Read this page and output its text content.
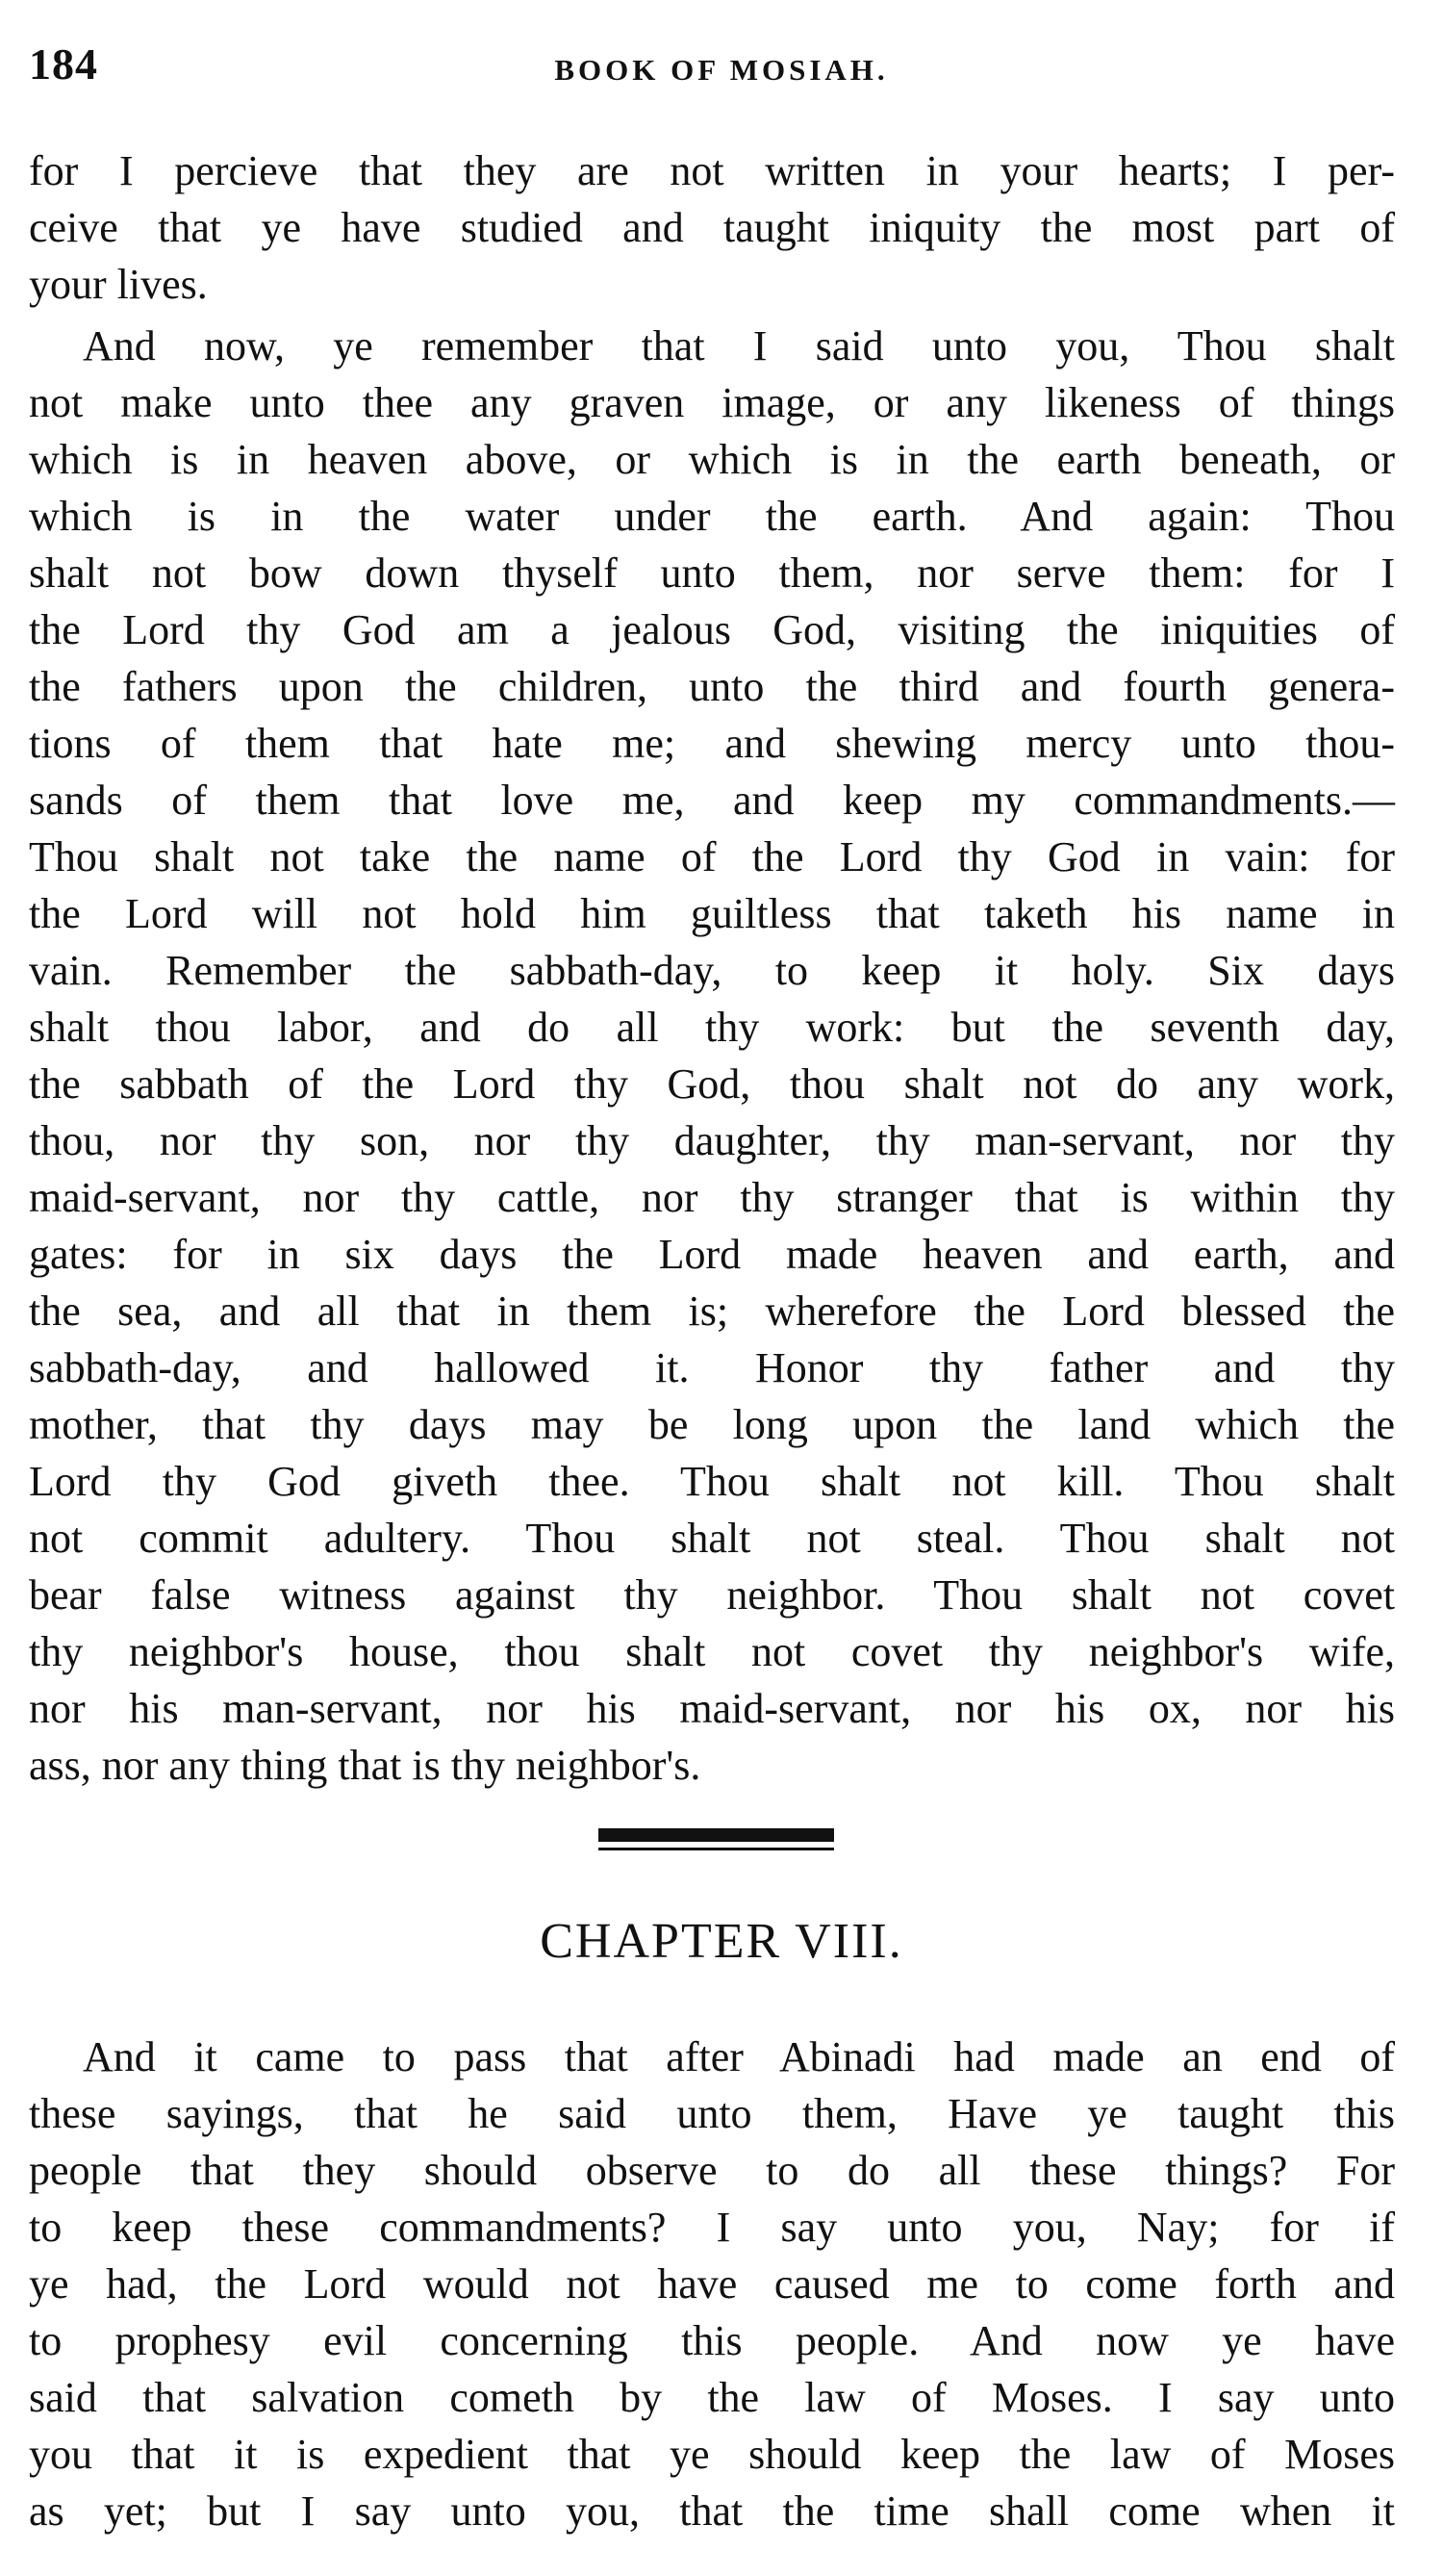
184	BOOK OF MOSIAH.
for I percieve that they are not written in your hearts; I per-
ceive that ye have studied and taught iniquity the most part of
your lives.
And now, ye remember that I said unto you, Thou shalt
not make unto thee any graven image, or any likeness of things
which is in heaven above, or which is in the earth beneath, or
which is in the water under the earth. And again: Thou
shalt not bow down thyself unto them, nor serve them: for I
the Lord thy God am a jealous God, visiting the iniquities of
the fathers upon the children, unto the third and fourth genera-
tions of them that hate me; and shewing mercy unto thou-
sands of them that love me, and keep my commandments.—
Thou shalt not take the name of the Lord thy God in vain: for
the Lord will not hold him guiltless that taketh his name in
vain. Remember the sabbath-day, to keep it holy. Six days
shalt thou labor, and do all thy work: but the seventh day,
the sabbath of the Lord thy God, thou shalt not do any work,
thou, nor thy son, nor thy daughter, thy man-servant, nor thy
maid-servant, nor thy cattle, nor thy stranger that is within thy
gates: for in six days the Lord made heaven and earth, and
the sea, and all that in them is; wherefore the Lord blessed the
sabbath-day, and hallowed it. Honor thy father and thy
mother, that thy days may be long upon the land which the
Lord thy God giveth thee. Thou shalt not kill. Thou shalt
not commit adultery. Thou shalt not steal. Thou shalt not
bear false witness against thy neighbor. Thou shalt not covet
thy neighbor's house, thou shalt not covet thy neighbor's wife,
nor his man-servant, nor his maid-servant, nor his ox, nor his
ass, nor any thing that is thy neighbor's.
CHAPTER VIII.
And it came to pass that after Abinadi had made an end of
these sayings, that he said unto them, Have ye taught this
people that they should observe to do all these things? For
to keep these commandments? I say unto you, Nay; for if
ye had, the Lord would not have caused me to come forth and
to prophesy evil concerning this people. And now ye have
said that salvation cometh by the law of Moses. I say unto
you that it is expedient that ye should keep the law of Moses
as yet; but I say unto you, that the time shall come when it
